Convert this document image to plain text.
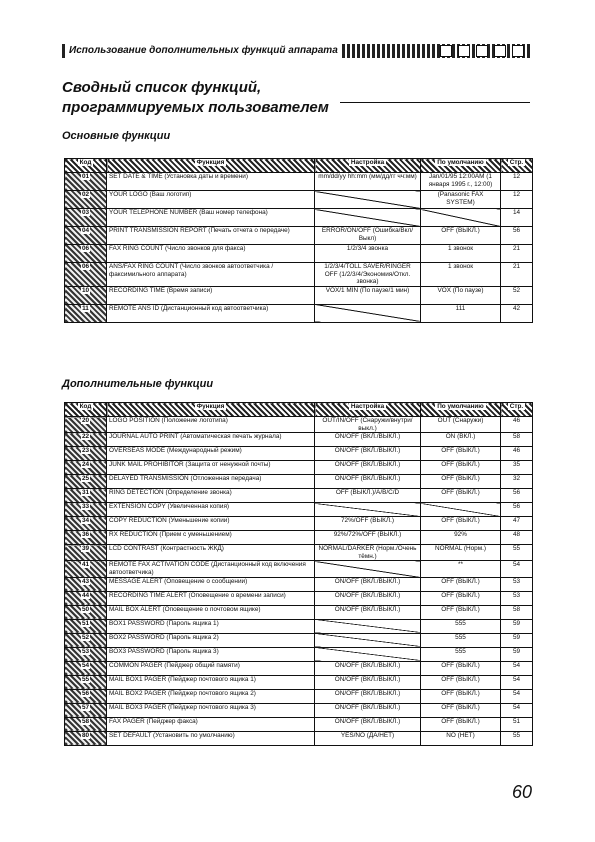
Использование дополнительных функций аппарата
Сводный список функций,
программируемых пользователем
Основные функции
Код	Функция	Настройка	По умолчанию	Стр.
01	SET DATE & TIME (Установка даты и времени)	mm/dd/yy hh:mm (мм/дд/гг чч:мм)	Jan/01/95 12:00AM (1 января 1995 г., 12:00)	12
02	YOUR LOGO (Ваш логотип)		(Panasonic FAX SYSTEM)	12
03	YOUR TELEPHONE NUMBER (Ваш номер телефона)			14
04	PRINT TRANSMISSION REPORT (Печать отчета о передаче)	ERROR/ON/OFF (Ошибка/Вкл/Выкл)	OFF (ВЫКЛ.)	56
06	FAX RING COUNT (Число звонков для факса)	1/2/3/4 звонка	1 звонок	21
06	ANS/FAX RING COUNT (Число звонков автоответчика / факсимильного аппарата)	1/2/3/4/TOLL SAVER/RINGER OFF (1/2/3/4/Экономия/Откл. звонка)	1 звонок	21
10	RECORDING TIME (Время записи)	VOX/1 MIN (По паузе/1 мин)	VOX (По паузе)	52
11	REMOTE ANS ID (Дистанционный код автоответчика)		111	42
Дополнительные функции
Код	Функция	Настройка	По умолчанию	Стр.
20	LOGO POSITION (Положение логотипа)	OUT/IN/OFF (Снаружи/внутри/выкл.)	OUT (Снаружи)	46
22	JOURNAL AUTO PRINT (Автоматическая печать журнала)	ON/OFF (ВКЛ./ВЫКЛ.)	ON (ВКЛ.)	58
23	OVERSEAS MODE (Международный режим)	ON/OFF (ВКЛ./ВЫКЛ.)	OFF (ВЫКЛ.)	46
24	JUNK MAIL PROHIBITOR (Защита от ненужной почты)	ON/OFF (ВКЛ./ВЫКЛ.)	OFF (ВЫКЛ.)	35
25	DELAYED TRANSMISSION (Отложенная передача)	ON/OFF (ВКЛ./ВЫКЛ.)	OFF (ВЫКЛ.)	32
31	RING DETECTION (Определение звонка)	OFF (ВЫКЛ.)/A/B/C/D	OFF (ВЫКЛ.)	56
33	EXTENSION COPY (Увеличенная копия)			56
34	COPY REDUCTION (Уменьшение копии)	72%/OFF (ВЫКЛ.)	OFF (ВЫКЛ.)	47
36	RX REDUCTION (Прием с уменьшением)	92%/72%/OFF (ВЫКЛ.)	92%	48
39	LCD CONTRAST (Контрастность ЖКД)	NORMAL/DARKER (Норм./Очень тёмн.)	NORMAL (Норм.)	55
41	REMOTE FAX ACTIVATION CODE (Дистанционный код включения автоответчика)		**	54
43	MESSAGE ALERT (Оповещение о сообщении)	ON/OFF (ВКЛ./ВЫКЛ.)	OFF (ВЫКЛ.)	53
44	RECORDING TIME ALERT (Оповещение о времени записи)	ON/OFF (ВКЛ./ВЫКЛ.)	OFF (ВЫКЛ.)	53
50	MAIL BOX ALERT (Оповещение о почтовом ящике)	ON/OFF (ВКЛ./ВЫКЛ.)	OFF (ВЫКЛ.)	58
51	BOX1 PASSWORD (Пароль ящика 1)		555	59
52	BOX2 PASSWORD (Пароль ящика 2)		555	59
53	BOX3 PASSWORD (Пароль ящика 3)		555	59
54	COMMON PAGER (Пейджер общий памяти)	ON/OFF (ВКЛ./ВЫКЛ.)	OFF (ВЫКЛ.)	54
55	MAIL BOX1 PAGER (Пейджер почтового ящика 1)	ON/OFF (ВКЛ./ВЫКЛ.)	OFF (ВЫКЛ.)	54
56	MAIL BOX2 PAGER (Пейджер почтового ящика 2)	ON/OFF (ВКЛ./ВЫКЛ.)	OFF (ВЫКЛ.)	54
57	MAIL BOX3 PAGER (Пейджер почтового ящика 3)	ON/OFF (ВКЛ./ВЫКЛ.)	OFF (ВЫКЛ.)	54
58	FAX PAGER (Пейджер факса)	ON/OFF (ВКЛ./ВЫКЛ.)	OFF (ВЫКЛ.)	51
80	SET DEFAULT (Установить по умолчанию)	YES/NO (ДА/НЕТ)	NO (НЕТ)	55
60
